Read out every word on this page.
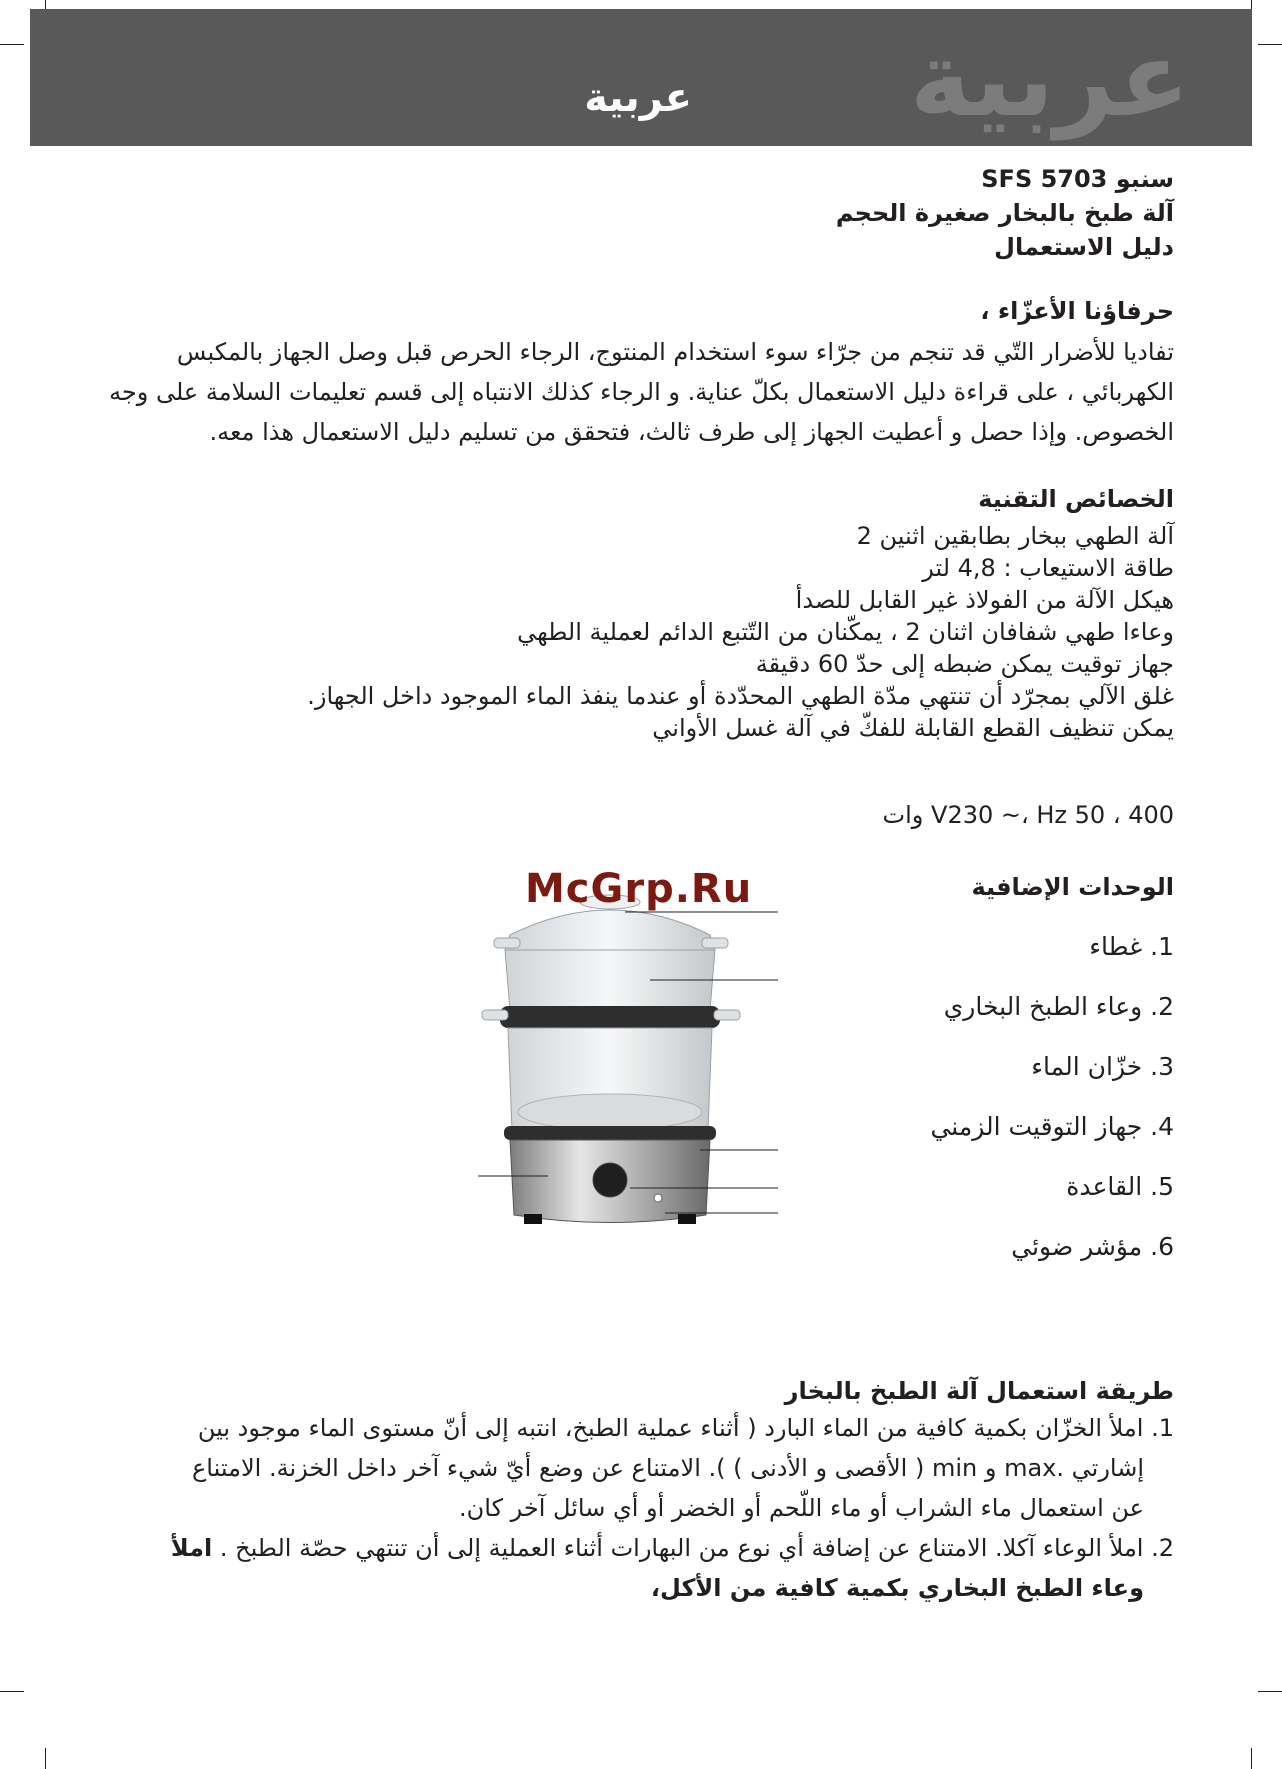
عربية
عربية
سنبو SFS 5703
آلة طبخ بالبخار صغيرة الحجم
دليل الاستعمال
حرفاؤنا الأعزّاء ،
تفاديا للأضرار التّي قد تنجم من جرّاء سوء استخدام المنتوج، الرجاء الحرص قبل وصل الجهاز بالمكبس
الكهربائي ، على قراءة دليل الاستعمال بكلّ عناية. و الرجاء كذلك الانتباه إلى قسم تعليمات السلامة على وجه
الخصوص. وإذا حصل و أعطيت الجهاز إلى طرف ثالث، فتحقق من تسليم دليل الاستعمال هذا معه.
الخصائص التقنية
آلة الطهي ببخار بطابقين اثنين 2
طاقة الاستيعاب : 4,8 لتر
هيكل الآلة من الفولاذ غير القابل للصدأ
وعاءا طهي شفافان اثنان 2 ، يمكّنان من التّتبع الدائم لعملية الطهي
جهاز توقيت يمكن ضبطه إلى حدّ 60 دقيقة
غلق الآلي بمجرّد أن تنتهي مدّة الطهي المحدّدة أو عندما ينفذ الماء الموجود داخل الجهاز.
يمكن تنظيف القطع القابلة للفكّ في آلة غسل الأواني
V230 ~، Hz 50 ، 400 وات
الوحدات الإضافية
1. غطاء
2. وعاء الطبخ البخاري
3. خزّان الماء
4. جهاز التوقيت الزمني
5. القاعدة
6. مؤشر ضوئي
McGrp.Ru
طريقة استعمال آلة الطبخ بالبخار
1. املأ الخزّان بكمية كافية من الماء البارد ( أثناء عملية الطبخ، انتبه إلى أنّ مستوى الماء موجود بين
إشارتي .max و min ( الأقصى و الأدنى ) ). الامتناع عن وضع أيّ شيء آخر داخل الخزنة. الامتناع
عن استعمال ماء الشراب أو ماء اللّحم أو الخضر أو أي سائل آخر كان.
2. املأ الوعاء آكلا. الامتناع عن إضافة أي نوع من البهارات أثناء العملية إلى أن تنتهي حصّة الطبخ . املأ
وعاء الطبخ البخاري بكمية كافية من الأكل،
